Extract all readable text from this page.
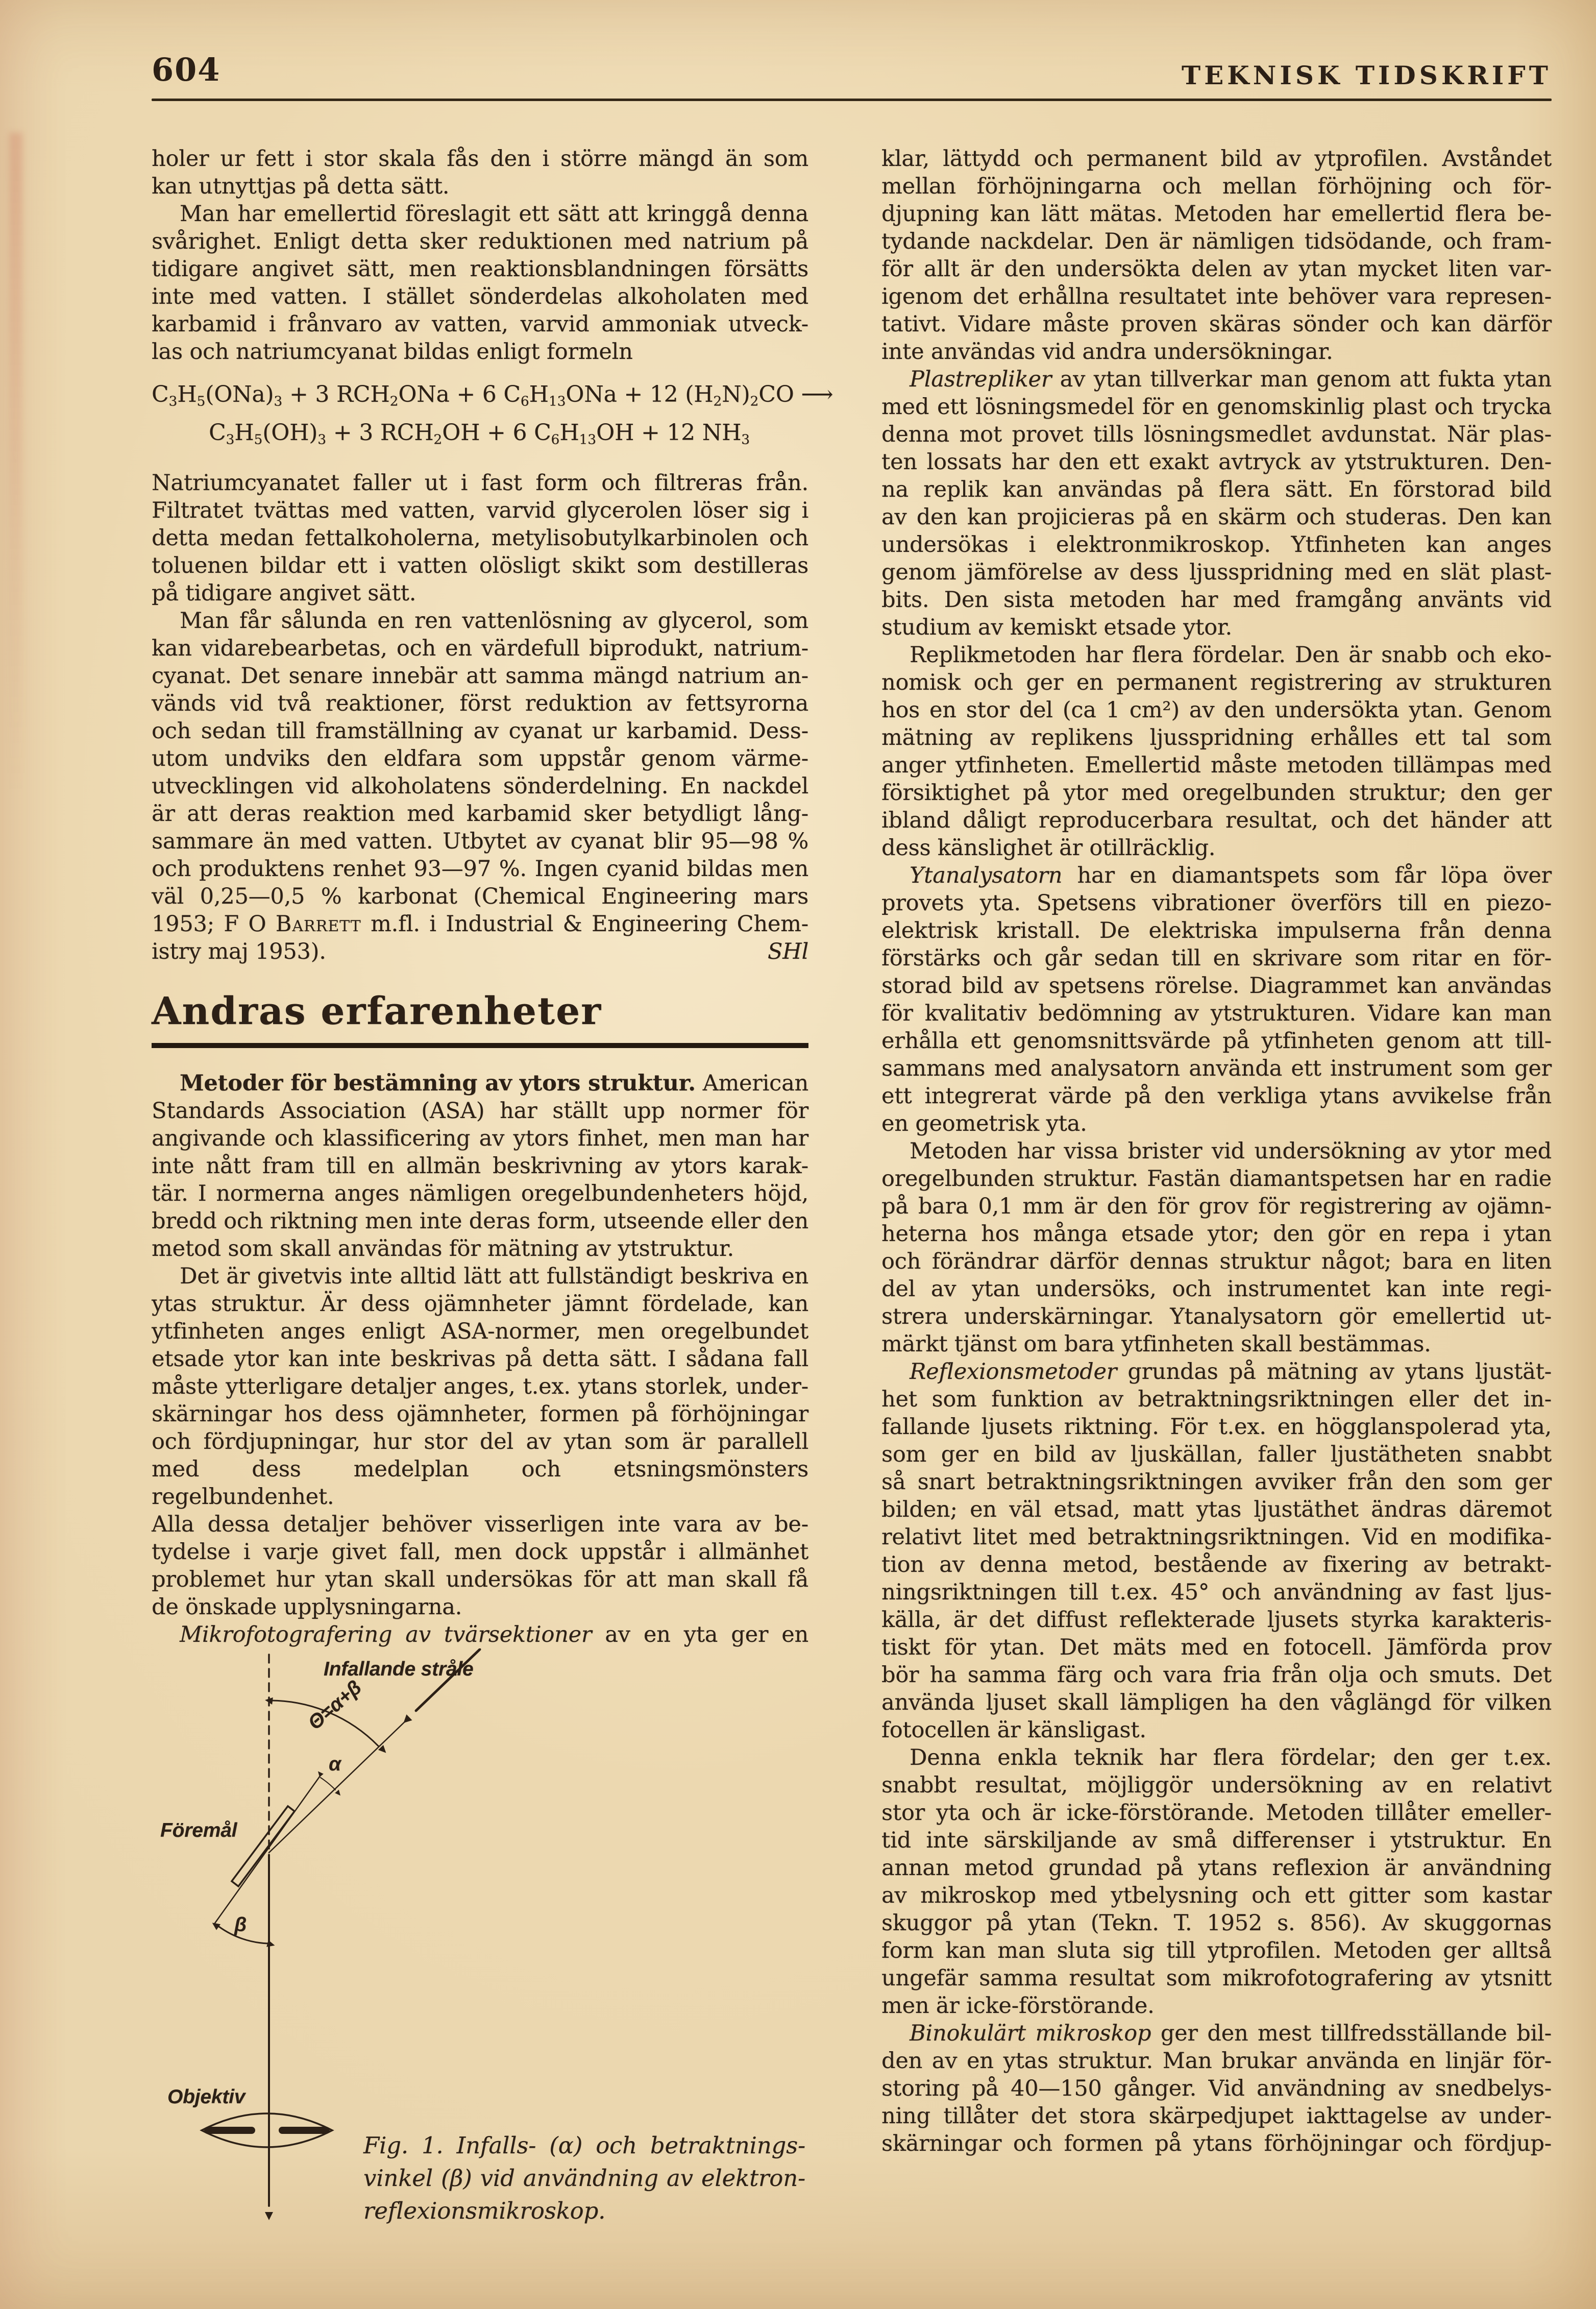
604	TEKNISK TIDSKRIFT
holer ur fett i stor skala fås den i större mängd än som
kan utnyttjas på detta sätt.
Man har emellertid föreslagit ett sätt att kringgå denna
svårighet. Enligt detta sker reduktionen med natrium på
tidigare angivet sätt, men reaktionsblandningen försätts
inte med vatten. I stället sönderdelas alkoholaten med
karbamid i frånvaro av vatten, varvid ammoniak utveck-
las och natriumcyanat bildas enligt formeln
$C_3H_5(ONa)_3 + 3$ $RCH_2ONa + 6$ $C_6H_{13}ONa + 12$ $(H_2N)_2CO$ ⟶
$C_3H_5(OH)_3 + 3$ $RCH_2OH + 6$ $C_6H_{13}OH + 12$ $NH_3$
Natriumcyanatet faller ut i fast form och filtreras från.
Filtratet tvättas med vatten, varvid glycerolen löser sig i
detta medan fettalkoholerna, metylisobutylkarbinolen och
toluenen bildar ett i vatten olösligt skikt som destilleras
på tidigare angivet sätt.
Man får sålunda en ren vattenlösning av glycerol, som
kan vidarebearbetas, och en värdefull biprodukt, natrium-
cyanat. Det senare innebär att samma mängd natrium an-
vänds vid två reaktioner, först reduktion av fettsyrorna
och sedan till framställning av cyanat ur karbamid. Dess-
utom undviks den eldfara som uppstår genom värme-
utvecklingen vid alkoholatens sönderdelning. En nackdel
är att deras reaktion med karbamid sker betydligt lång-
sammare än med vatten. Utbytet av cyanat blir 95—98 %
och produktens renhet 93—97 %. Ingen cyanid bildas men
väl 0,25—0,5 % karbonat (Chemical Engineering mars
1953; F O Barrett m.fl. i Industrial & Engineering Chem-
istry maj 1953).	SHl
Andras erfarenheter
Metoder för bestämning av ytors struktur. American
Standards Association (ASA) har ställt upp normer för
angivande och klassificering av ytors finhet, men man har
inte nått fram till en allmän beskrivning av ytors karak-
tär. I normerna anges nämligen oregelbundenheters höjd,
bredd och riktning men inte deras form, utseende eller den
metod som skall användas för mätning av ytstruktur.
Det är givetvis inte alltid lätt att fullständigt beskriva en
ytas struktur. Är dess ojämnheter jämnt fördelade, kan
ytfinheten anges enligt ASA-normer, men oregelbundet
etsade ytor kan inte beskrivas på detta sätt. I sådana fall
måste ytterligare detaljer anges, t.ex. ytans storlek, under-
skärningar hos dess ojämnheter, formen på förhöjningar
och fördjupningar, hur stor del av ytan som är parallell
med dess medelplan och etsningsmönsters regelbundenhet.
Alla dessa detaljer behöver visserligen inte vara av be-
tydelse i varje givet fall, men dock uppstår i allmänhet
problemet hur ytan skall undersökas för att man skall få
de önskade upplysningarna.
Mikrofotografering av tvärsektioner av en yta ger en
Infallande stråle
Θ=α+β
α
Föremål
β
Objektiv
Fig. 1. Infalls- (α) och betraktnings-
vinkel (β) vid användning av elektron-
reflexionsmikroskop.
klar, lättydd och permanent bild av ytprofilen. Avståndet
mellan förhöjningarna och mellan förhöjning och för-
djupning kan lätt mätas. Metoden har emellertid flera be-
tydande nackdelar. Den är nämligen tidsödande, och fram-
för allt är den undersökta delen av ytan mycket liten var-
igenom det erhållna resultatet inte behöver vara represen-
tativt. Vidare måste proven skäras sönder och kan därför
inte användas vid andra undersökningar.
Plastrepliker av ytan tillverkar man genom att fukta ytan
med ett lösningsmedel för en genomskinlig plast och trycka
denna mot provet tills lösningsmedlet avdunstat. När plas-
ten lossats har den ett exakt avtryck av ytstrukturen. Den-
na replik kan användas på flera sätt. En förstorad bild
av den kan projicieras på en skärm och studeras. Den kan
undersökas i elektronmikroskop. Ytfinheten kan anges
genom jämförelse av dess ljusspridning med en slät plast-
bits. Den sista metoden har med framgång använts vid
studium av kemiskt etsade ytor.
Replikmetoden har flera fördelar. Den är snabb och eko-
nomisk och ger en permanent registrering av strukturen
hos en stor del (ca 1 cm²) av den undersökta ytan. Genom
mätning av replikens ljusspridning erhålles ett tal som
anger ytfinheten. Emellertid måste metoden tillämpas med
försiktighet på ytor med oregelbunden struktur; den ger
ibland dåligt reproducerbara resultat, och det händer att
dess känslighet är otillräcklig.
Ytanalysatorn har en diamantspets som får löpa över
provets yta. Spetsens vibrationer överförs till en piezo-
elektrisk kristall. De elektriska impulserna från denna
förstärks och går sedan till en skrivare som ritar en för-
storad bild av spetsens rörelse. Diagrammet kan användas
för kvalitativ bedömning av ytstrukturen. Vidare kan man
erhålla ett genomsnittsvärde på ytfinheten genom att till-
sammans med analysatorn använda ett instrument som ger
ett integrerat värde på den verkliga ytans avvikelse från
en geometrisk yta.
Metoden har vissa brister vid undersökning av ytor med
oregelbunden struktur. Fastän diamantspetsen har en radie
på bara 0,1 mm är den för grov för registrering av ojämn-
heterna hos många etsade ytor; den gör en repa i ytan
och förändrar därför dennas struktur något; bara en liten
del av ytan undersöks, och instrumentet kan inte regi-
strera underskärningar. Ytanalysatorn gör emellertid ut-
märkt tjänst om bara ytfinheten skall bestämmas.
Reflexionsmetoder grundas på mätning av ytans ljustät-
het som funktion av betraktningsriktningen eller det in-
fallande ljusets riktning. För t.ex. en högglanspolerad yta,
som ger en bild av ljuskällan, faller ljustätheten snabbt
så snart betraktningsriktningen avviker från den som ger
bilden; en väl etsad, matt ytas ljustäthet ändras däremot
relativt litet med betraktningsriktningen. Vid en modifika-
tion av denna metod, bestående av fixering av betrakt-
ningsriktningen till t.ex. 45° och användning av fast ljus-
källa, är det diffust reflekterade ljusets styrka karakteris-
tiskt för ytan. Det mäts med en fotocell. Jämförda prov
bör ha samma färg och vara fria från olja och smuts. Det
använda ljuset skall lämpligen ha den våglängd för vilken
fotocellen är känsligast.
Denna enkla teknik har flera fördelar; den ger t.ex.
snabbt resultat, möjliggör undersökning av en relativt
stor yta och är icke-förstörande. Metoden tillåter emeller-
tid inte särskiljande av små differenser i ytstruktur. En
annan metod grundad på ytans reflexion är användning
av mikroskop med ytbelysning och ett gitter som kastar
skuggor på ytan (Tekn. T. 1952 s. 856). Av skuggornas
form kan man sluta sig till ytprofilen. Metoden ger alltså
ungefär samma resultat som mikrofotografering av ytsnitt
men är icke-förstörande.
Binokulärt mikroskop ger den mest tillfredsställande bil-
den av en ytas struktur. Man brukar använda en linjär för-
storing på 40—150 gånger. Vid användning av snedbelys-
ning tillåter det stora skärpedjupet iakttagelse av under-
skärningar och formen på ytans förhöjningar och fördjup-
